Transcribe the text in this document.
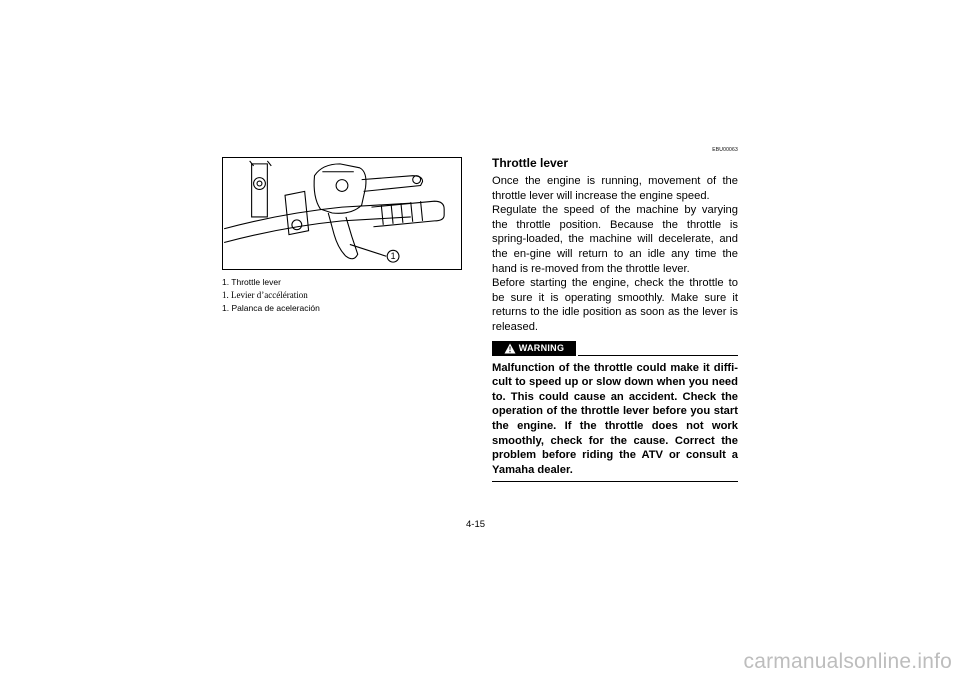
1
1. Throttle lever
1. Levier d’accélération
1. Palanca de aceleración
EBU00063
Throttle lever

Once the engine is running, movement of the throttle lever will increase the engine speed.

Regulate the speed of the machine by varying the throttle position. Because the throttle is spring-loaded, the machine will decelerate, and the en-gine will return to an idle any time the hand is re-moved from the throttle lever.

Before starting the engine, check the throttle to be sure it is operating smoothly. Make sure it returns to the idle position as soon as the lever is released.

WARNING

Malfunction of the throttle could make it diffi-cult to speed up or slow down when you need to. This could cause an accident. Check the operation of the throttle lever before you start the engine. If the throttle does not work smoothly, check for the cause. Correct the problem before riding the ATV or consult a Yamaha dealer.

4-15
carmanualsonline.info
